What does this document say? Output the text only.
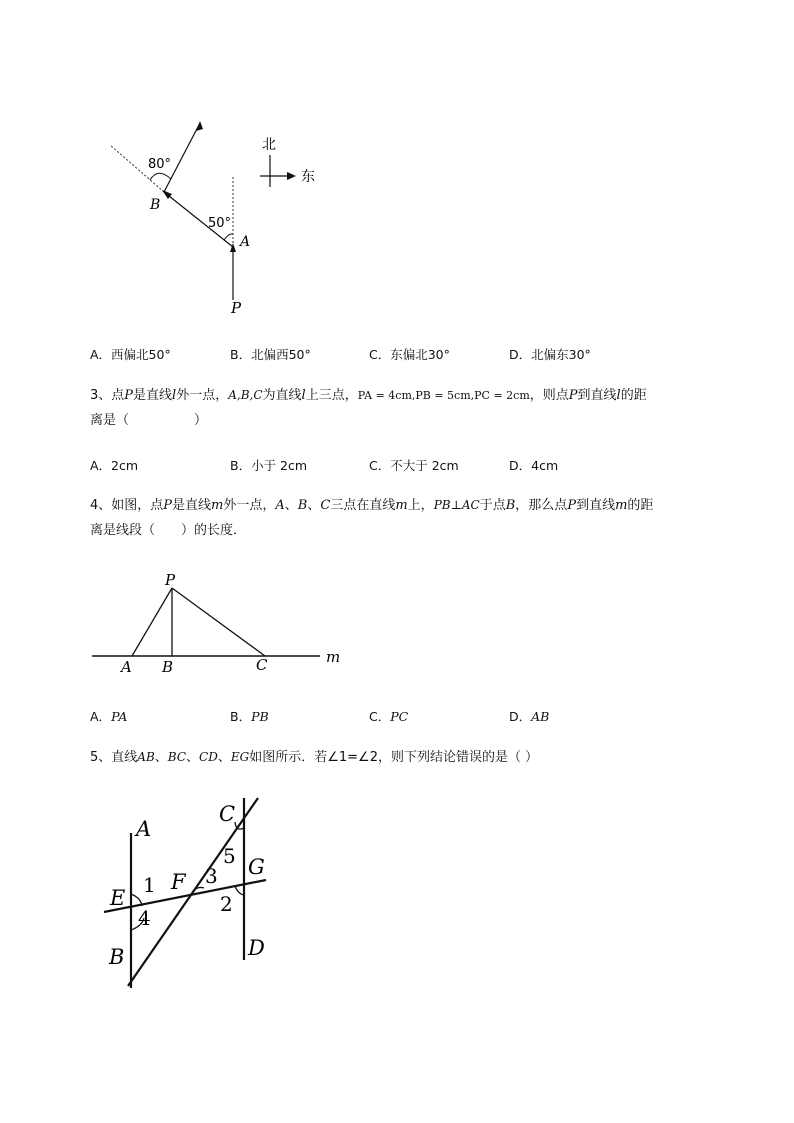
80°
50°
B
A
P
北
东
A．西偏北50°	B．北偏西50°	C．东偏北30°	D．北偏东30°
3、点P是直线l外一点，A,B,C为直线l上三点，PA = 4cm,PB = 5cm,PC = 2cm，则点P到直线l的距
离是（　　　　　）
A．2cm	B．小于 2cm	C．不大于 2cm	D．4cm
4、如图，点P是直线m外一点，A、B、C三点在直线m上，PB⊥AC于点B，那么点P到直线m的距
离是线段（　　）的长度．
P
A B	C	m
A．PA	B．PB	C．PC	D．AB
5、直线AB、BC、CD、EG如图所示．若∠1=∠2，则下列结论错误的是（ ）
A
B
C
D
E
F
G
1
4
3
5
2
